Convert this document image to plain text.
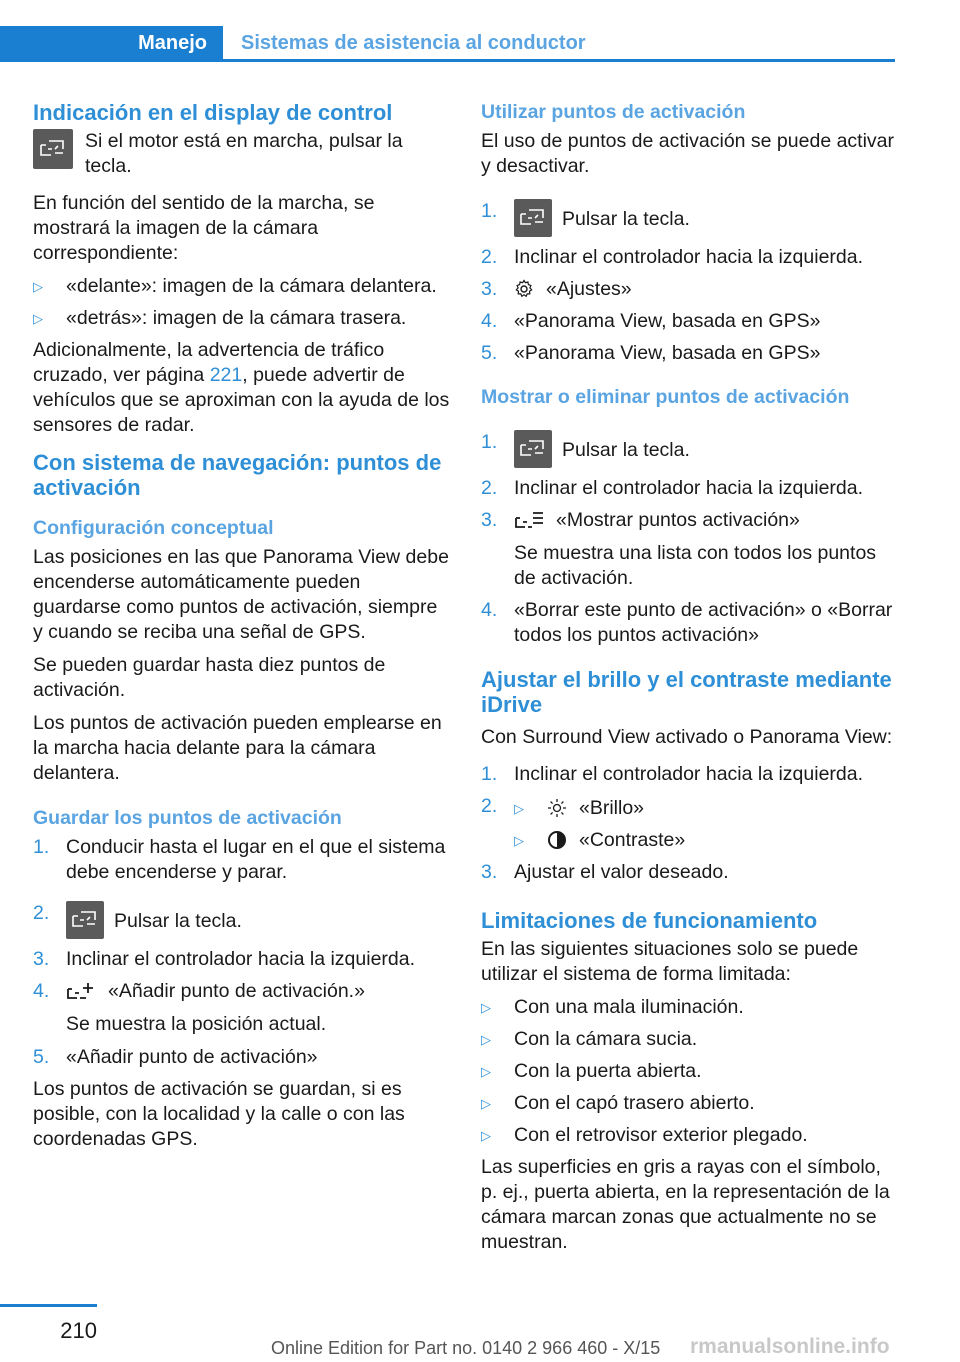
Manejo	Sistemas de asistencia al conductor
Indicación en el display de control

Si el motor está en marcha, pulsar la tecla.

En función del sentido de la marcha, se mostrará la imagen de la cámara correspondiente:

▷	«delante»: imagen de la cámara delantera.
▷	«detrás»: imagen de la cámara trasera.

Adicionalmente, la advertencia de tráfico cruzado, ver página 221, puede advertir de vehículos que se aproximan con la ayuda de los sensores de radar.

Con sistema de navegación: puntos de activación
Configuración conceptual

Las posiciones en las que Panorama View debe encenderse automáticamente pueden guardarse como puntos de activación, siempre y cuando se reciba una señal de GPS.

Se pueden guardar hasta diez puntos de activación.

Los puntos de activación pueden emplearse en la marcha hacia delante para la cámara delantera.

Guardar los puntos de activación
1. Conducir hasta el lugar en el que el sistema debe encenderse y parar.
2.	Pulsar la tecla.
3. Inclinar el controlador hacia la izquierda.
4.	«Añadir punto de activación.»
Se muestra la posición actual.
5. «Añadir punto de activación»

Los puntos de activación se guardan, si es posible, con la localidad y la calle o con las coordenadas GPS.

Utilizar puntos de activación

El uso de puntos de activación se puede activar y desactivar.

1.	Pulsar la tecla.
2. Inclinar el controlador hacia la izquierda.
3.	«Ajustes»
4. «Panorama View, basada en GPS»
5. «Panorama View, basada en GPS»
Mostrar o eliminar puntos de activación
1.	Pulsar la tecla.
2. Inclinar el controlador hacia la izquierda.
3.	«Mostrar puntos activación»
Se muestra una lista con todos los puntos de activación.
4. «Borrar este punto de activación» o «Borrar todos los puntos activación»
Ajustar el brillo y el contraste mediante iDrive

Con Surround View activado o Panorama View:

1. Inclinar el controlador hacia la izquierda.
2.	▷	«Brillo»
▷	«Contraste»
3. Ajustar el valor deseado.
Limitaciones de funcionamiento

En las siguientes situaciones solo se puede utilizar el sistema de forma limitada:

▷	Con una mala iluminación.
▷	Con la cámara sucia.
▷	Con la puerta abierta.
▷	Con el capó trasero abierto.
▷	Con el retrovisor exterior plegado.

Las superficies en gris a rayas con el símbolo, p. ej., puerta abierta, en la representación de la cámara marcan zonas que actualmente no se muestran.

210
Online Edition for Part no. 0140 2 966 460 - X/15 rmanualsonline.info
